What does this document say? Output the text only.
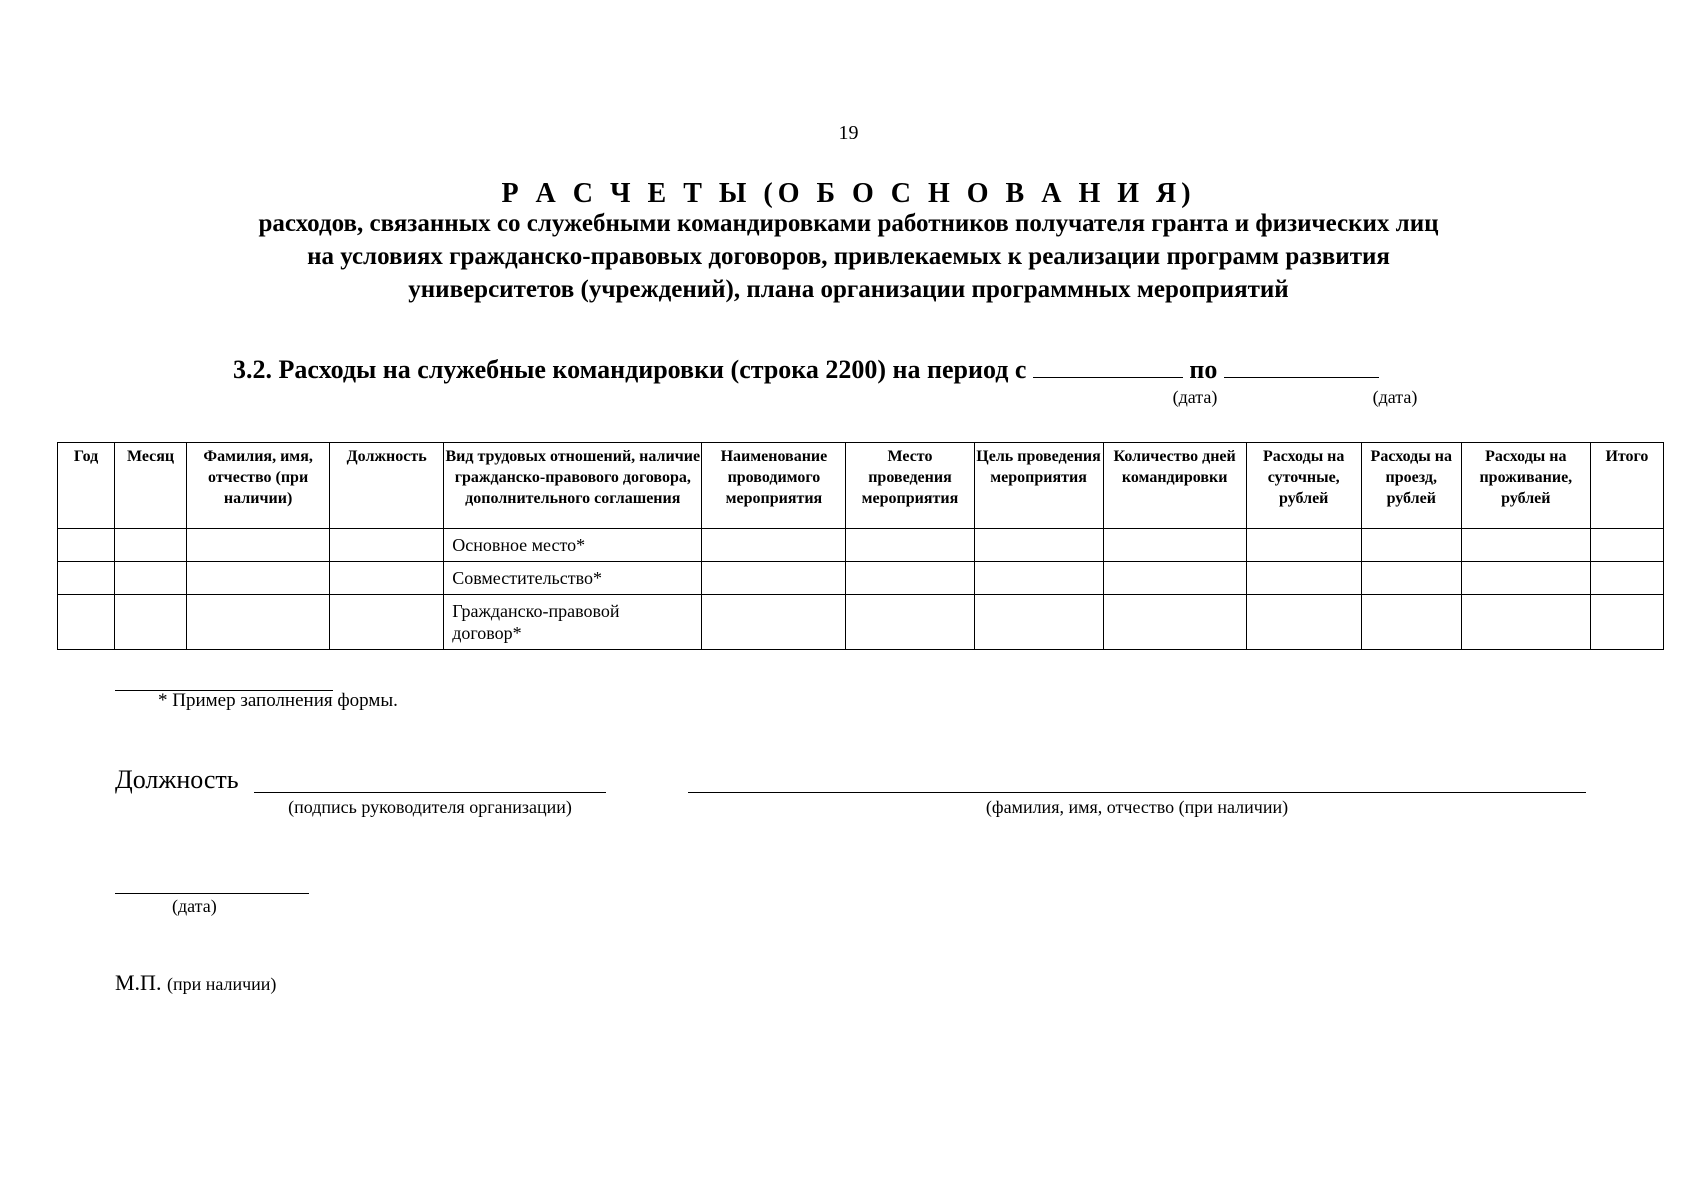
19
Р А С Ч Е Т Ы (О Б О С Н О В А Н И Я)
расходов, связанных со служебными командировками работников получателя гранта и физических лиц
на условиях гражданско-правовых договоров, привлекаемых к реализации программ развития
университетов (учреждений), плана организации программных мероприятий
3.2. Расходы на служебные командировки (строка 2200) на период с	по
(дата)	(дата)
Год	Месяц	Фамилия, имя, отчество (при наличии)	Должность	Вид трудовых отношений, наличие гражданско-правового договора, дополнительного соглашения	Наименование проводимого мероприятия	Место проведения мероприятия	Цель проведения мероприятия	Количество дней командировки	Расходы на суточные, рублей	Расходы на проезд, рублей	Расходы на проживание, рублей	Итого
				Основное место*								
				Совместительство*								
				Гражданско-правовой договор*								
* Пример заполнения формы.
Должность
(подпись руководителя организации)	(фамилия, имя, отчество (при наличии)
(дата)
М.П. (при наличии)
